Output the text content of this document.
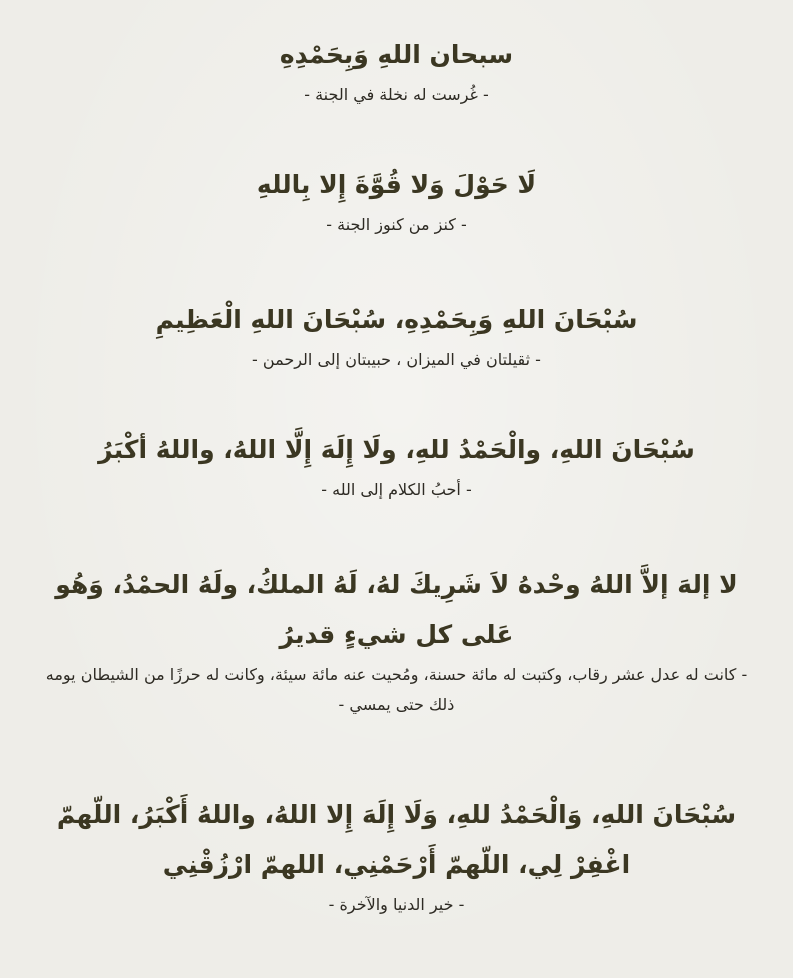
سبحان اللهِ وَبِحَمْدِهِ

- غُرست له نخلة في الجنة -

لَا حَوْلَ وَلا قُوَّةَ إِلا بِاللهِ

- كنز من كنوز الجنة -

سُبْحَانَ اللهِ وَبِحَمْدِهِ، سُبْحَانَ اللهِ الْعَظِيمِ

- ثقيلتان في الميزان ، حبيبتان إلى الرحمن -

سُبْحَانَ اللهِ، والْحَمْدُ للهِ، ولَا إِلَهَ إِلَّا اللهُ، واللهُ أكْبَرُ

- أحبُ الكلام إلى الله -

لا إلهَ إلاَّ اللهُ وحْدهُ لاَ شَرِيكَ لهُ، لَهُ الملكُ، ولَهُ الحمْدُ، وَهُو عَلى كل شيءٍ قديرُ

- كانت له عدل عشر رقاب، وكتبت له مائة حسنة، ومُحيت عنه مائة سيئة، وكانت له حرزًا من الشيطان يومه ذلك حتى يمسي -

سُبْحَانَ اللهِ، وَالْحَمْدُ للهِ، وَلَا إِلَهَ إِلا اللهُ، واللهُ أَكْبَرُ، اللّهمّ اغْفِرْ لِي، اللّهمّ أَرْحَمْنِي، اللهمّ ارْزُقْنِي

- خير الدنيا والآخرة -
